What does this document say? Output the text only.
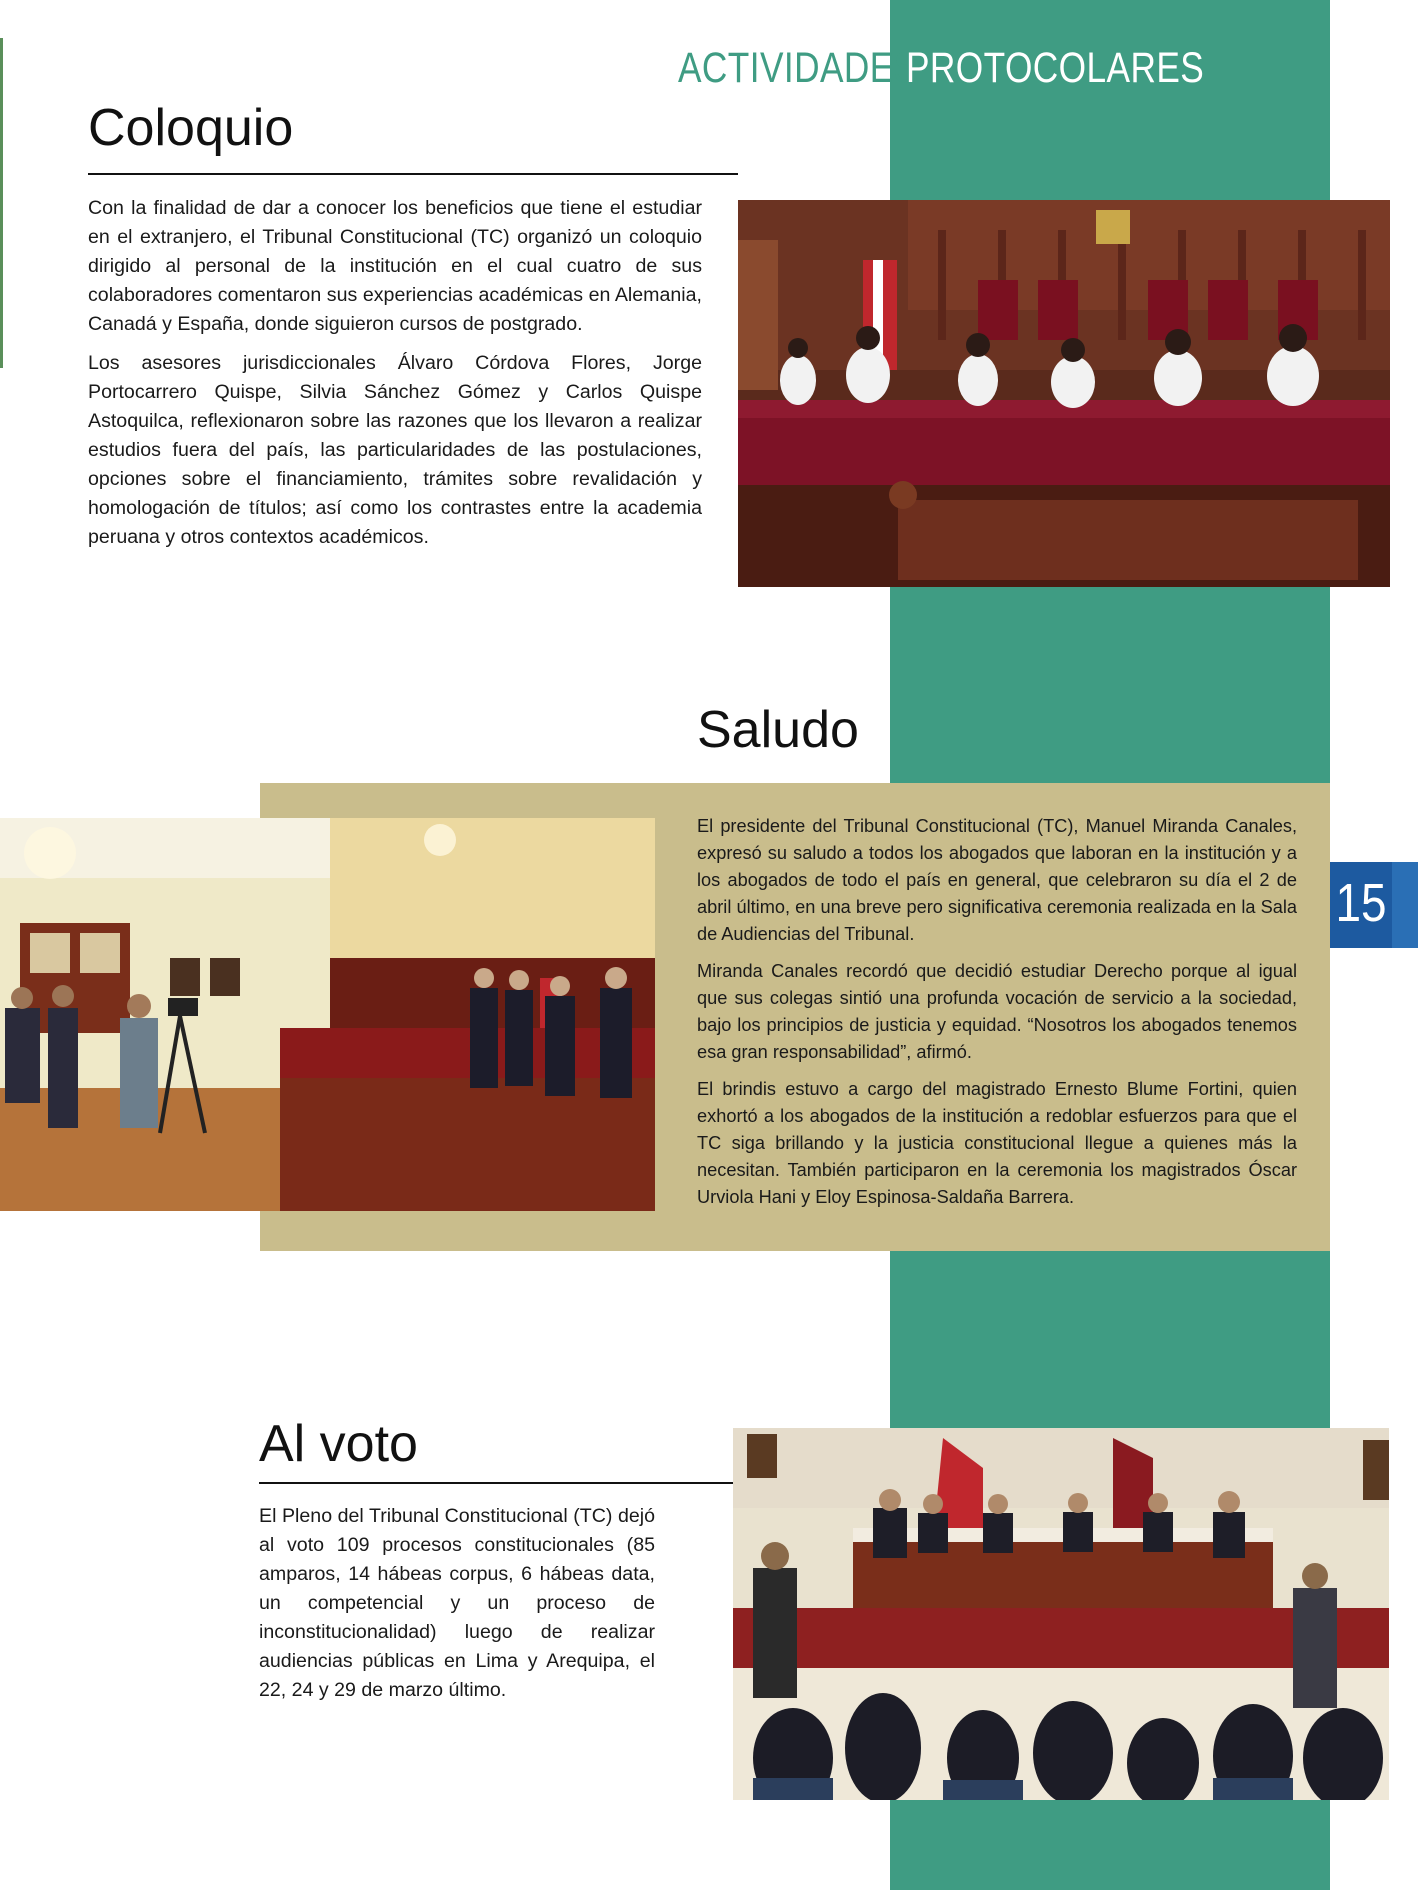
ACTIVIDADES
PROTOCOLARES
Coloquio

Con la finalidad de dar a conocer los beneficios que tiene el estudiar en el extranjero, el Tribunal Constitucional (TC) organizó un coloquio dirigido al personal de la institución en el cual cuatro de sus colaboradores comentaron sus experiencias académicas en Alemania, Canadá y España, donde siguieron cursos de postgrado.

Los asesores jurisdiccionales Álvaro Córdova Flores, Jorge Portocarrero Quispe, Silvia Sánchez Gómez y Carlos Quispe Astoquilca, reflexionaron sobre las razones que los llevaron a realizar estudios fuera del país, las particularidades de las postulaciones, opciones sobre el financiamiento, trámites sobre revalidación y homologación de títulos; así como los contrastes entre la academia peruana y otros contextos académicos.

Saludo

El presidente del Tribunal Constitucional (TC), Manuel Miranda Canales, expresó su saludo a todos los abogados que laboran en la institución y a los abogados de todo el país en general, que celebraron su día el 2 de abril último, en una breve pero significativa ceremonia realizada en la Sala de Audiencias del Tribunal.

Miranda Canales recordó que decidió estudiar Derecho porque al igual que sus colegas sintió una profunda vocación de servicio a la sociedad, bajo los principios de justicia y equidad. “Nosotros los abogados tenemos esa gran responsabilidad”, afirmó.

El brindis estuvo a cargo del magistrado Ernesto Blume Fortini, quien exhortó a los abogados de la institución a redoblar esfuerzos para que el TC siga brillando y la justicia constitucional llegue a quienes más la necesitan. También participaron en la ceremonia los magistrados Óscar Urviola Hani y Eloy Espinosa-Saldaña Barrera.

15
Al voto

El Pleno del Tribunal Constitucional (TC) dejó al voto 109 procesos constitucionales (85 amparos, 14 hábeas corpus, 6 hábeas data, un competencial y un proceso de inconstitucionalidad) luego de realizar audiencias públicas en Lima y Arequipa, el 22, 24 y 29 de marzo último.
